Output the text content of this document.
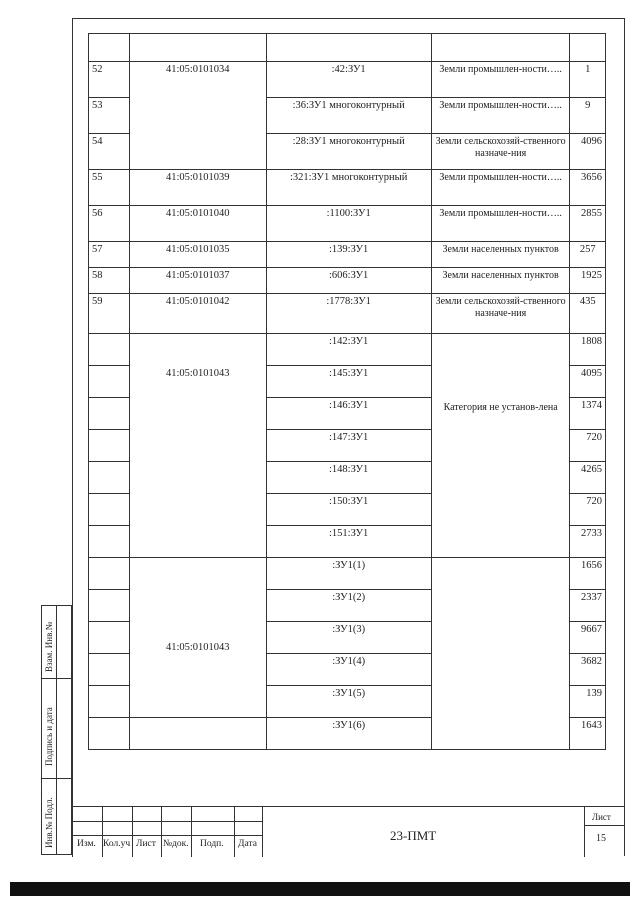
52	41:05:0101034	:42:ЗУ1	Земли промышлен-ности…..	1
53		:36:ЗУ1 многоконтурный	Земли промышлен-ности…..	9
54		:28:ЗУ1 многоконтурный	Земли сельскохозяй-ственного назначе-ния	4096
55	41:05:0101039	:321:ЗУ1 многоконтурный	Земли промышлен-ности…..	3656
56	41:05:0101040	:1100:ЗУ1	Земли промышлен-ности…..	2855
57	41:05:0101035	:139:ЗУ1	Земли населенных пунктов	257
58	41:05:0101037	:606:ЗУ1	Земли населенных пунктов	1925
59	41:05:0101042	:1778:ЗУ1	Земли сельскохозяй-ственного назначе-ния	435

	41:05:0101043	:142:ЗУ1	Категория не установ-лена	1808
		:145:ЗУ1		4095
		:146:ЗУ1		1374
		:147:ЗУ1		720
		:148:ЗУ1		4265
		:150:ЗУ1		720
		:151:ЗУ1		2733

	41:05:0101043	:ЗУ1(1)		1656
		:ЗУ1(2)		2337
		:ЗУ1(3)		9667
		:ЗУ1(4)		3682
		:ЗУ1(5)		139
		:ЗУ1(6)		1643
Взам. Инв.№
Подпись и дата
Инв.№ Подл. Изм. Кол.уч Лист №док. Подп. Дата
23-ПМТ
Лист
15
